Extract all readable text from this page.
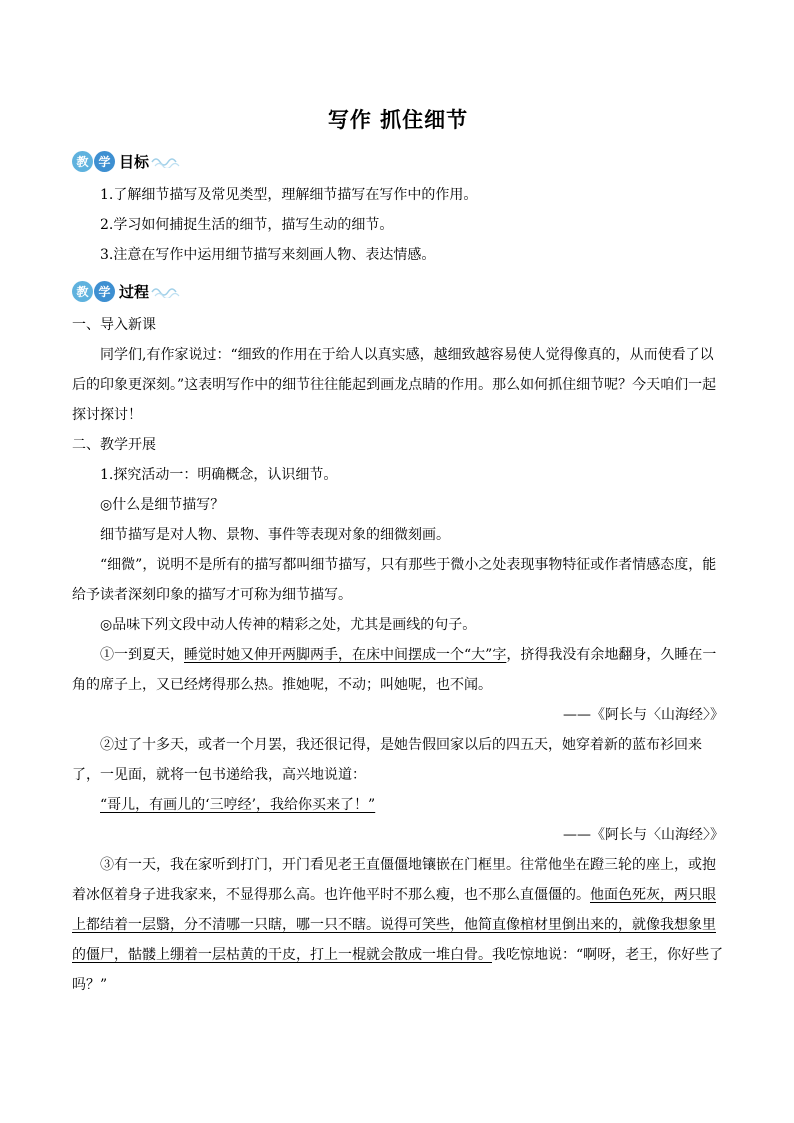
写作 抓住细节
教 学 目标

1.了解细节描写及常见类型，理解细节描写在写作中的作用。

2.学习如何捕捉生活的细节，描写生动的细节。

3.注意在写作中运用细节描写来刻画人物、表达情感。

教 学 过程

一、导入新课

同学们,有作家说过：“细致的作用在于给人以真实感，越细致越容易使人觉得像真的，从而使看了以后的印象更深刻。”这表明写作中的细节往往能起到画龙点睛的作用。那么如何抓住细节呢？今天咱们一起探讨探讨！

二、教学开展

1.探究活动一：明确概念，认识细节。

◎什么是细节描写？

细节描写是对人物、景物、事件等表现对象的细微刻画。

“细微”，说明不是所有的描写都叫细节描写，只有那些于微小之处表现事物特征或作者情感态度，能给予读者深刻印象的描写才可称为细节描写。

◎品味下列文段中动人传神的精彩之处，尤其是画线的句子。

①一到夏天，睡觉时她又伸开两脚两手，在床中间摆成一个“大”字，挤得我没有余地翻身，久睡在一角的席子上，又已经烤得那么热。推她呢，不动；叫她呢，也不闻。

——《阿长与〈山海经〉》

②过了十多天，或者一个月罢，我还很记得，是她告假回家以后的四五天，她穿着新的蓝布衫回来了，一见面，就将一包书递给我，高兴地说道：

“哥儿，有画儿的‘三哼经’，我给你买来了！”

——《阿长与〈山海经〉》

③有一天，我在家听到打门，开门看见老王直僵僵地镶嵌在门框里。往常他坐在蹬三轮的座上，或抱着冰伛着身子进我家来，不显得那么高。也许他平时不那么瘦，也不那么直僵僵的。他面色死灰，两只眼上都结着一层翳，分不清哪一只瞎，哪一只不瞎。说得可笑些，他简直像棺材里倒出来的，就像我想象里的僵尸，骷髅上绷着一层枯黄的干皮，打上一棍就会散成一堆白骨。我吃惊地说：“啊呀，老王，你好些了吗？”
